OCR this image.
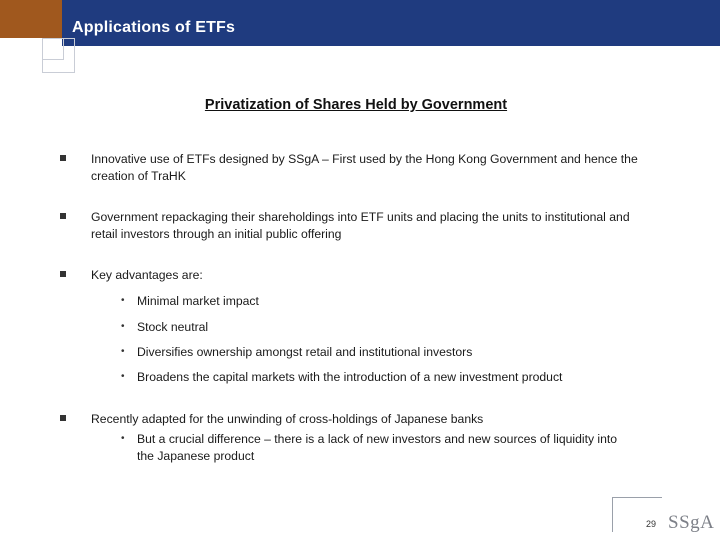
Applications of ETFs
Privatization of Shares Held by Government
Innovative use of ETFs designed by SSgA – First used by the Hong Kong Government and hence the creation of TraHK
Government repackaging their shareholdings into ETF units and placing the units to institutional and retail investors through an initial public offering
Key advantages are:
• Minimal market impact
• Stock neutral
• Diversifies ownership amongst retail and institutional investors
• Broadens the capital markets with the introduction of a new investment product
Recently adapted for the unwinding of cross-holdings of Japanese banks
• But a crucial difference – there is a lack of new investors and new sources of liquidity into the Japanese product
29 SSgA
